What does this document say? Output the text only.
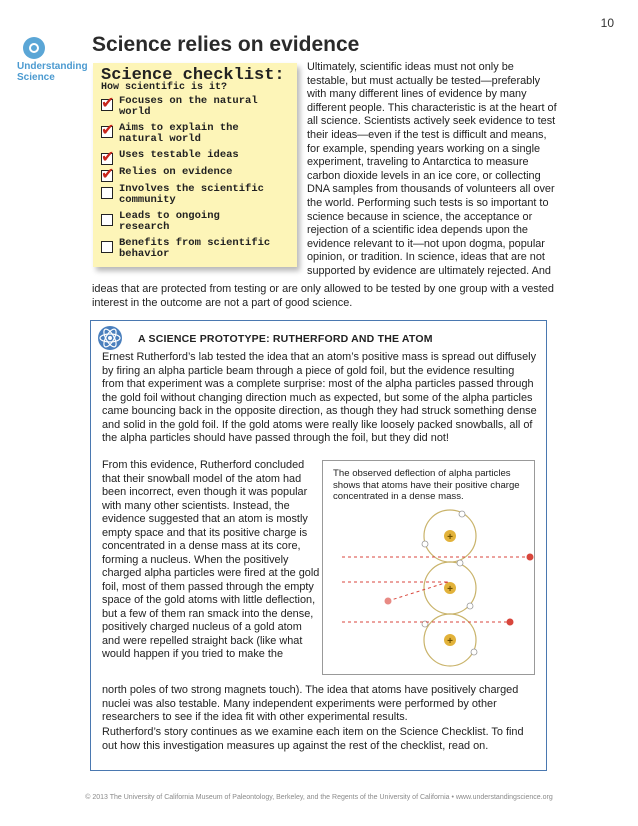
10
Understanding
Science
Science relies on evidence
Science checklist:
How scientific is it?
✔ Focuses on the natural
world
✔ Aims to explain the
natural world
✔ Uses testable ideas
✔ Relies on evidence
Involves the scientific
community
Leads to ongoing
research
Benefits from scientific
behavior
Ultimately, scientific ideas must not only be testable, but must actually be tested—preferably with many different lines of evidence by many different people. This characteristic is at the heart of all science. Scientists actively seek evidence to test their ideas—even if the test is difficult and means, for example, spending years working on a single experiment, traveling to Antarctica to measure carbon dioxide levels in an ice core, or collecting DNA samples from thousands of volunteers all over the world. Performing such tests is so important to science because in science, the acceptance or rejection of a scientific idea depends upon the evidence relevant to it—not upon dogma, popular opinion, or tradition. In science, ideas that are not supported by evidence are ultimately rejected. And
ideas that are protected from testing or are only allowed to be tested by one group with a vested interest in the outcome are not a part of good science.
A SCIENCE PROTOTYPE: RUTHERFORD AND THE ATOM
Ernest Rutherford’s lab tested the idea that an atom’s positive mass is spread out diffusely by firing an alpha particle beam through a piece of gold foil, but the evidence resulting from that experiment was a complete surprise: most of the alpha particles passed through the gold foil without changing direction much as expected, but some of the alpha particles came bouncing back in the opposite direction, as though they had struck something dense and solid in the gold foil. If the gold atoms were really like loosely packed snowballs, all of the alpha particles should have passed through the foil, but they did not!
From this evidence, Rutherford concluded that their snowball model of the atom had been incorrect, even though it was popular with many other scientists. Instead, the evidence suggested that an atom is mostly empty space and that its positive charge is concentrated in a dense mass at its core, forming a nucleus. When the positively charged alpha particles were fired at the gold foil, most of them passed through the empty space of the gold atoms with little deflection, but a few of them ran smack into the dense, positively charged nucleus of a gold atom and were repelled straight back (like what would happen if you tried to make the
north poles of two strong magnets touch). The idea that atoms have positively charged nuclei was also testable. Many independent experiments were performed by other researchers to see if the idea fit with other experimental results.
Rutherford’s story continues as we examine each item on the Science Checklist. To find out how this investigation measures up against the rest of the checklist, read on.
The observed deflection of alpha particles shows that atoms have their positive charge concentrated in a dense mass.
+
+
+
© 2013 The University of California Museum of Paleontology, Berkeley, and the Regents of the University of California • www.understandingscience.org
